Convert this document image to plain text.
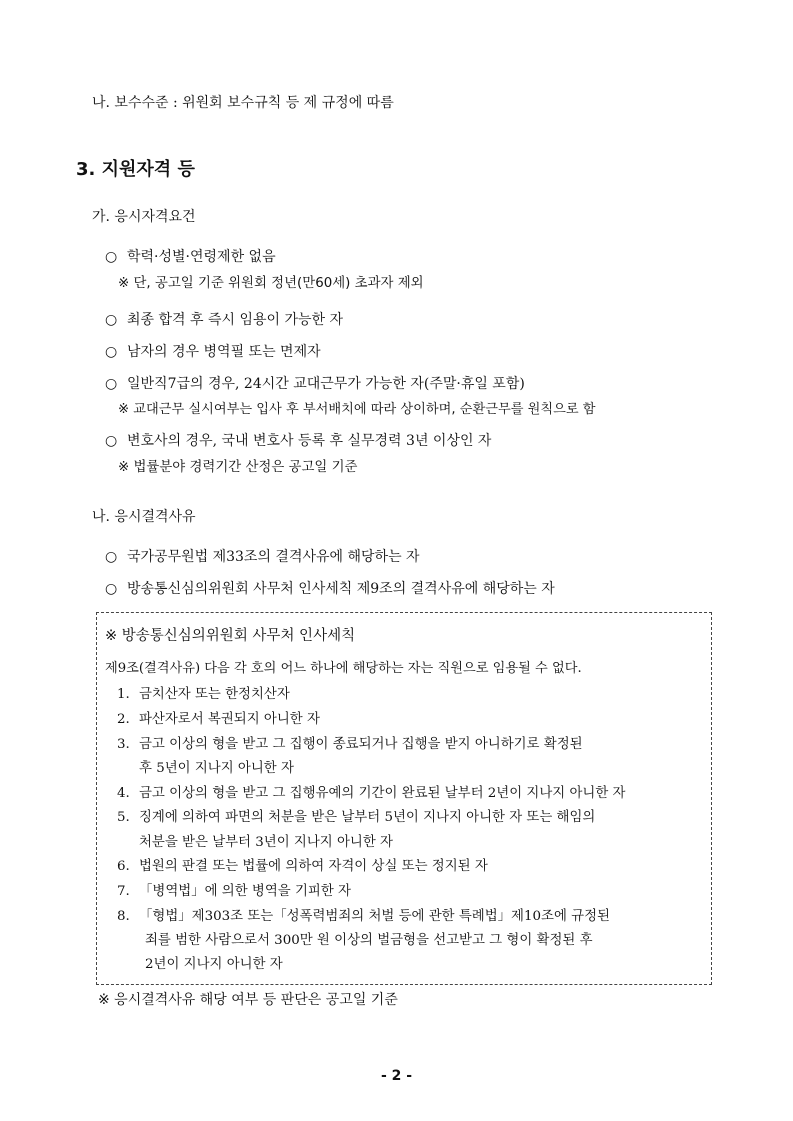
나. 보수수준 : 위원회 보수규칙 등 제 규정에 따름
3. 지원자격 등
가. 응시자격요건
○ 학력·성별·연령제한 없음
※ 단, 공고일 기준 위원회 정년(만60세) 초과자 제외
○ 최종 합격 후 즉시 임용이 가능한 자
○ 남자의 경우 병역필 또는 면제자
○ 일반직7급의 경우, 24시간 교대근무가 가능한 자(주말·휴일 포함)
※ 교대근무 실시여부는 입사 후 부서배치에 따라 상이하며, 순환근무를 원칙으로 함
○ 변호사의 경우, 국내 변호사 등록 후 실무경력 3년 이상인 자
※ 법률분야 경력기간 산정은 공고일 기준
나. 응시결격사유
○ 국가공무원법 제33조의 결격사유에 해당하는 자
○ 방송통신심의위원회 사무처 인사세칙 제9조의 결격사유에 해당하는 자
※ 방송통신심의위원회 사무처 인사세칙
제9조(결격사유) 다음 각 호의 어느 하나에 해당하는 자는 직원으로 임용될 수 없다.
1. 금치산자 또는 한정치산자
2. 파산자로서 복권되지 아니한 자
3. 금고 이상의 형을 받고 그 집행이 종료되거나 집행을 받지 아니하기로 확정된
후 5년이 지나지 아니한 자
4. 금고 이상의 형을 받고 그 집행유예의 기간이 완료된 날부터 2년이 지나지 아니한 자
5. 징계에 의하여 파면의 처분을 받은 날부터 5년이 지나지 아니한 자 또는 해임의
처분을 받은 날부터 3년이 지나지 아니한 자
6. 법원의 판결 또는 법률에 의하여 자격이 상실 또는 정지된 자
7. 「병역법」에 의한 병역을 기피한 자
8. 「형법」제303조 또는「성폭력범죄의 처벌 등에 관한 특례법」제10조에 규정된
죄를 범한 사람으로서 300만 원 이상의 벌금형을 선고받고 그 형이 확정된 후
2년이 지나지 아니한 자
※ 응시결격사유 해당 여부 등 판단은 공고일 기준
- 2 -
